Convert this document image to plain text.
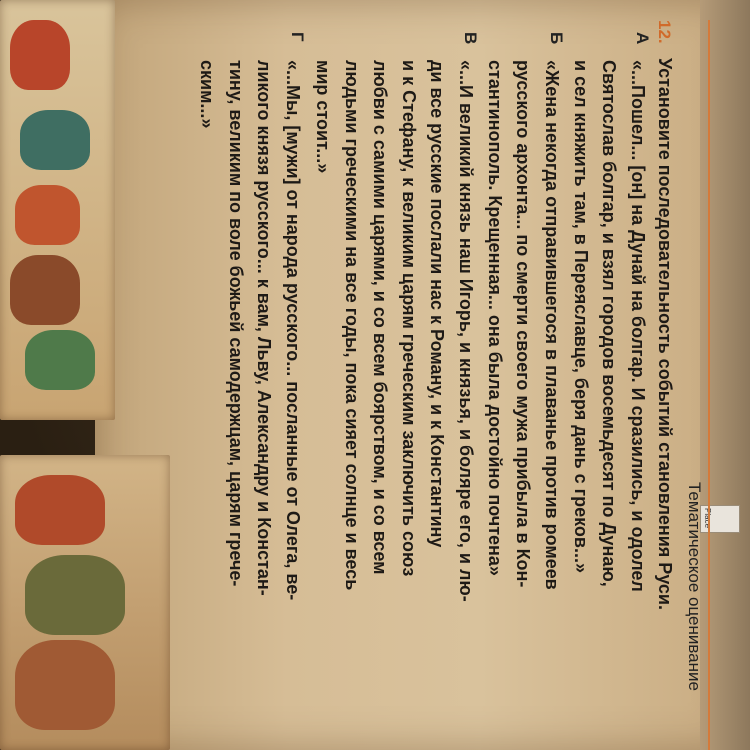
Тематическое оценивание
12.
Установите последовательность событий становления Руси.
А
«...Пошел... [он] на Дунай на болгар. И сразились, и одолел
Святослав болгар, и взял городов восемьдесят по Дунаю,
и сел княжить там, в Переяславце, беря дань с греков...»
Б
«Жена некогда отправившегося в плаванье против ромеев
русского архонта... по смерти своего мужа прибыла в Кон-
стантинополь. Крещенная... она была достойно почтена»
В
«...И великий князь наш Игорь, и князья, и боляре его, и лю-
ди все русские послали нас к Роману, и к Константину
и к Стефану, к великим царям греческим заключить союз
любви с самими царями, и со всем боярством, и со всем
людьми греческими на все годы, пока сияет солнце и весь
мир стоит...»
Г
«...Мы, [мужи] от народа русского... посланные от Олега, ве-
ликого князя русского... к вам, Льву, Александру и Констан-
тину, великим по воле божьей самодержцам, царям грече-
ским...»
